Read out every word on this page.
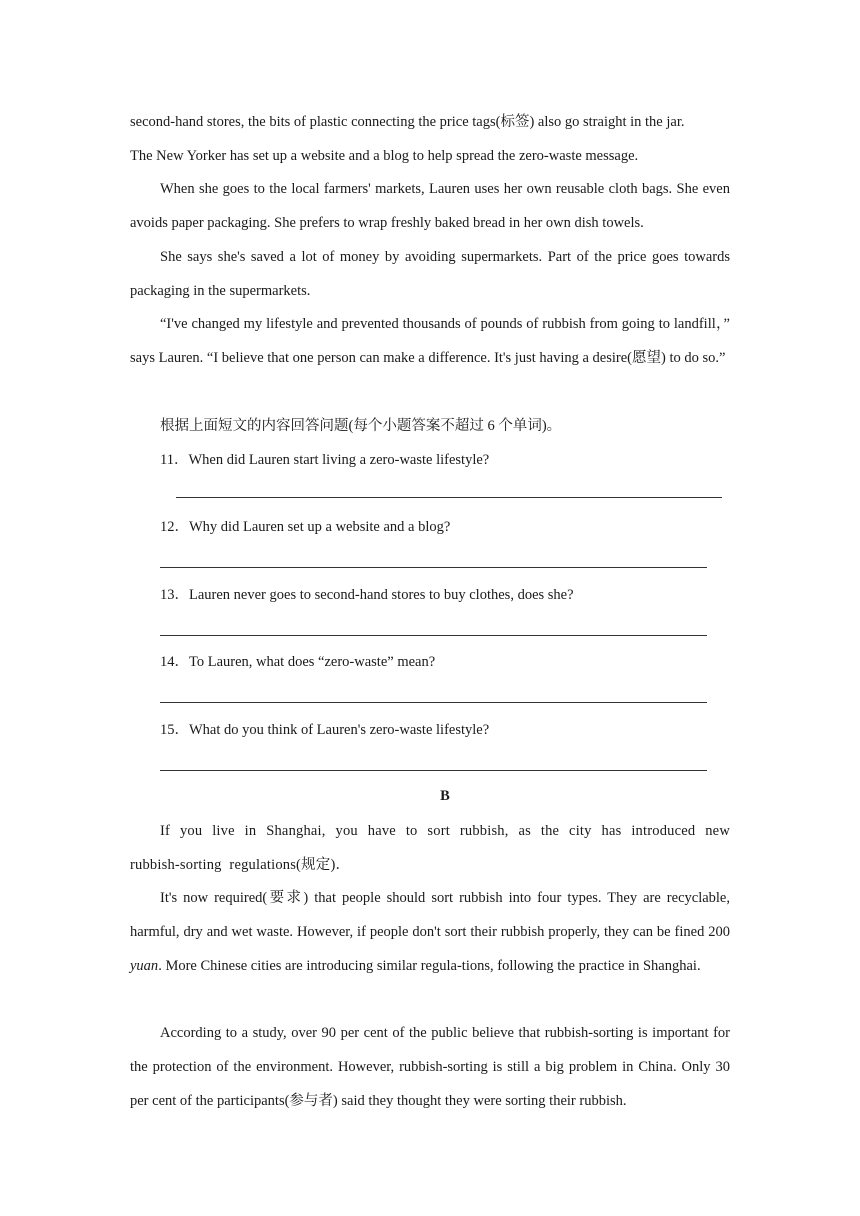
second-hand stores, the bits of plastic connecting the price tags(标签) also go straight in the jar.
The New Yorker has set up a website and a blog to help spread the zero-waste message.

When she goes to the local farmers' markets, Lauren uses her own reusable cloth bags. She even avoids paper packaging. She prefers to wrap freshly baked bread in her own dish towels.

She says she's saved a lot of money by avoiding supermarkets. Part of the price goes towards packaging in the supermarkets.

“I've changed my lifestyle and prevented thousands of pounds of rubbish from going to landfill，” says Lauren. “I believe that one person can make a difference. It's just having a desire(愿望) to do so.”

根据上面短文的内容回答问题(每个小题答案不超过 6 个单词)。

11．When did Lauren start living a zero-waste lifestyle?
12．Why did Lauren set up a website and a blog?
13．Lauren never goes to second-hand stores to buy clothes, does she?
14．To Lauren, what does “zero-waste” mean?
15．What do you think of Lauren's zero-waste lifestyle?
B

If you live in Shanghai, you have to sort rubbish, as the city has introduced new rubbish-sorting regulations(规定)．

It's now required(要求) that people should sort rubbish into four types. They are recyclable, harmful, dry and wet waste. However, if people don't sort their rubbish properly, they can be fined 200 yuan. More Chinese cities are introducing similar regula-tions, following the practice in Shanghai.

According to a study, over 90 per cent of the public believe that rubbish-sorting is important for the protection of the environment. However, rubbish-sorting is still a big problem in China. Only 30 per cent of the participants(参与者) said they thought they were sorting their rubbish.
